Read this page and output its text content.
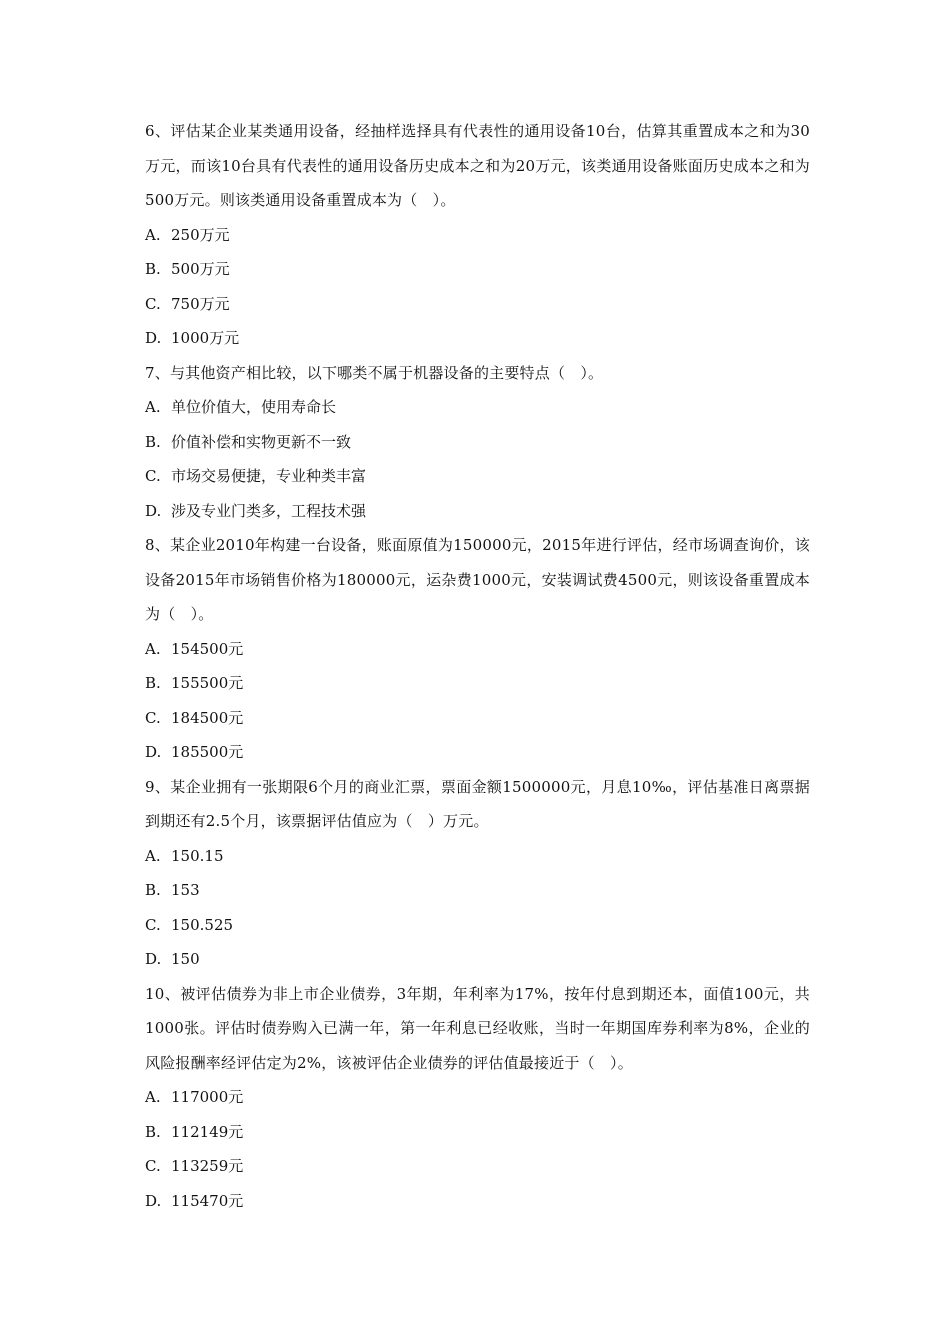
6、评估某企业某类通用设备，经抽样选择具有代表性的通用设备10台，估算其重置成本之和为30万元，而该10台具有代表性的通用设备历史成本之和为20万元，该类通用设备账面历史成本之和为500万元。则该类通用设备重置成本为（　）。

A. 250万元

B. 500万元

C. 750万元

D. 1000万元

7、与其他资产相比较，以下哪类不属于机器设备的主要特点（　）。

A. 单位价值大，使用寿命长

B. 价值补偿和实物更新不一致

C. 市场交易便捷，专业种类丰富

D. 涉及专业门类多，工程技术强

8、某企业2010年构建一台设备，账面原值为150000元，2015年进行评估，经市场调查询价，该设备2015年市场销售价格为180000元，运杂费1000元，安装调试费4500元，则该设备重置成本为（　）。

A. 154500元

B. 155500元

C. 184500元

D. 185500元

9、某企业拥有一张期限6个月的商业汇票，票面金额1500000元，月息10‰，评估基准日离票据到期还有2.5个月，该票据评估值应为（　）万元。

A. 150.15

B. 153

C. 150.525

D. 150

10、被评估债券为非上市企业债券，3年期，年利率为17%，按年付息到期还本，面值100元，共1000张。评估时债券购入已满一年，第一年利息已经收账，当时一年期国库券利率为8%，企业的风险报酬率经评估定为2%，该被评估企业债券的评估值最接近于（　）。

A. 117000元

B. 112149元

C. 113259元

D. 115470元
